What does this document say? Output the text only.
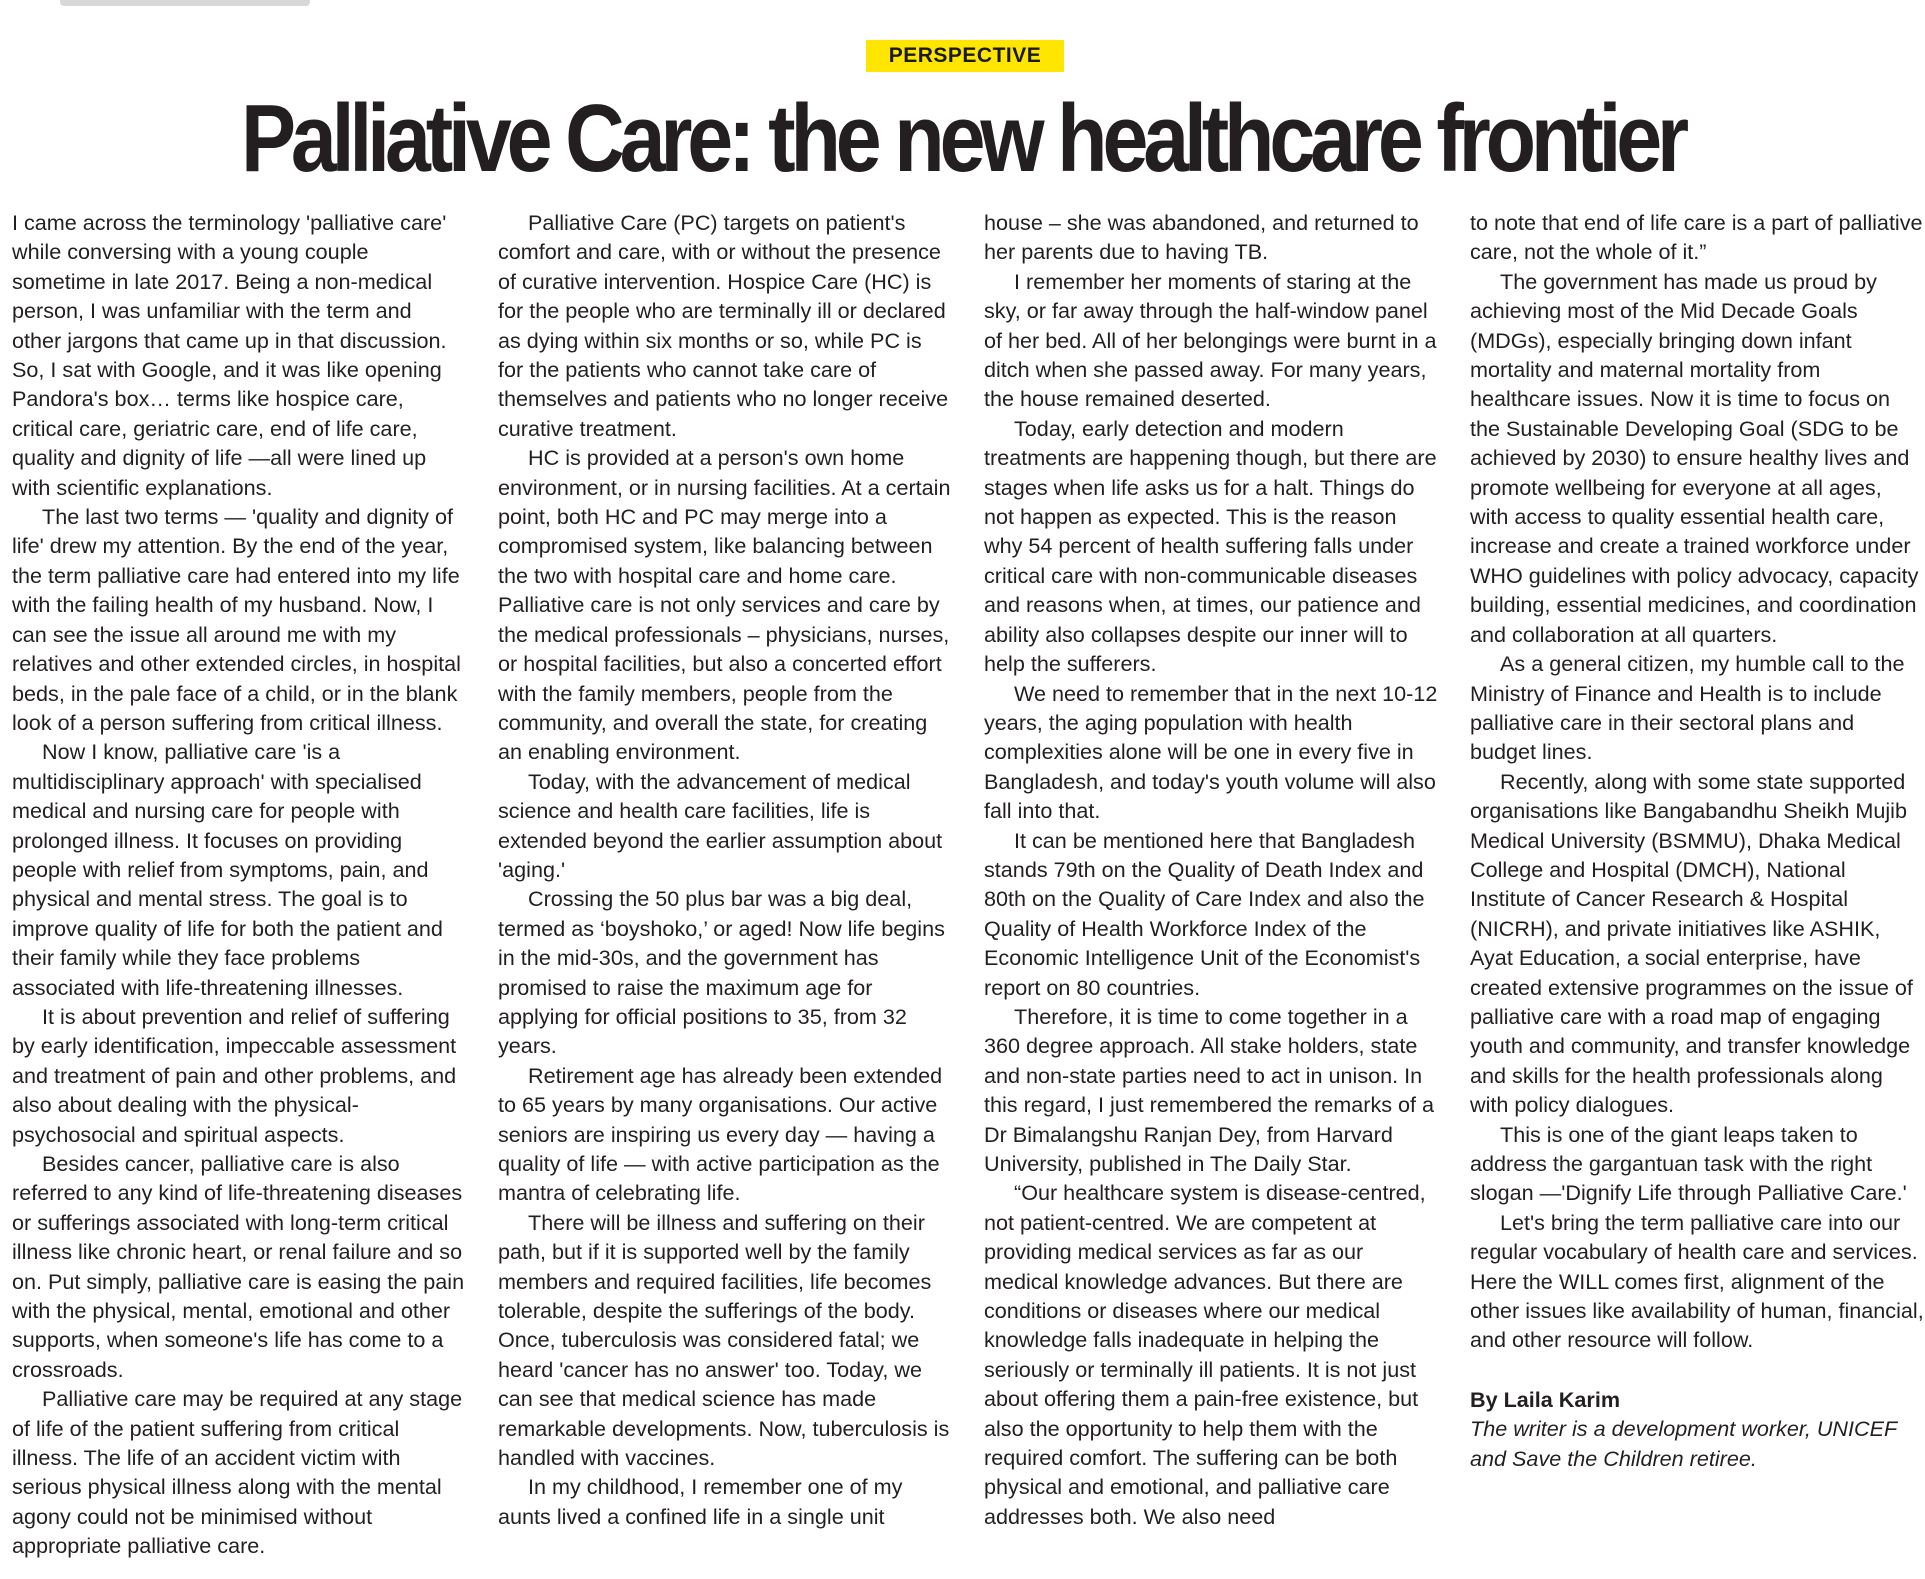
PERSPECTIVE
Palliative Care: the new healthcare frontier

I came across the terminology 'palliative care' while conversing with a young couple sometime in late 2017. Being a non-medical person, I was unfamiliar with the term and other jargons that came up in that discussion. So, I sat with Google, and it was like opening Pandora's box… terms like hospice care, critical care, geriatric care, end of life care, quality and dignity of life —all were lined up with scientific explanations.

The last two terms — 'quality and dignity of life' drew my attention. By the end of the year, the term palliative care had entered into my life with the failing health of my husband. Now, I can see the issue all around me with my relatives and other extended circles, in hospital beds, in the pale face of a child, or in the blank look of a person suffering from critical illness.

Now I know, palliative care 'is a multidisciplinary approach' with specialised medical and nursing care for people with prolonged illness. It focuses on providing people with relief from symptoms, pain, and physical and mental stress. The goal is to improve quality of life for both the patient and their family while they face problems associated with life-threatening illnesses.

It is about prevention and relief of suffering by early identification, impeccable assessment and treatment of pain and other problems, and also about dealing with the physical-psychosocial and spiritual aspects.

Besides cancer, palliative care is also referred to any kind of life-threatening diseases or sufferings associated with long-term critical illness like chronic heart, or renal failure and so on. Put simply, palliative care is easing the pain with the physical, mental, emotional and other supports, when someone's life has come to a crossroads.

Palliative care may be required at any stage of life of the patient suffering from critical illness. The life of an accident victim with serious physical illness along with the mental agony could not be minimised without appropriate palliative care.

Palliative Care (PC) targets on patient's comfort and care, with or without the presence of curative intervention. Hospice Care (HC) is for the people who are terminally ill or declared as dying within six months or so, while PC is for the patients who cannot take care of themselves and patients who no longer receive curative treatment.

HC is provided at a person's own home environment, or in nursing facilities. At a certain point, both HC and PC may merge into a compromised system, like balancing between the two with hospital care and home care. Palliative care is not only services and care by the medical professionals – physicians, nurses, or hospital facilities, but also a concerted effort with the family members, people from the community, and overall the state, for creating an enabling environment.

Today, with the advancement of medical science and health care facilities, life is extended beyond the earlier assumption about 'aging.'

Crossing the 50 plus bar was a big deal, termed as ‘boyshoko,’ or aged! Now life begins in the mid-30s, and the government has promised to raise the maximum age for applying for official positions to 35, from 32 years.

Retirement age has already been extended to 65 years by many organisations. Our active seniors are inspiring us every day — having a quality of life — with active participation as the mantra of celebrating life.

There will be illness and suffering on their path, but if it is supported well by the family members and required facilities, life becomes tolerable, despite the sufferings of the body. Once, tuberculosis was considered fatal; we heard 'cancer has no answer' too. Today, we can see that medical science has made remarkable developments. Now, tuberculosis is handled with vaccines.

In my childhood, I remember one of my aunts lived a confined life in a single unit

house – she was abandoned, and returned to her parents due to having TB.

I remember her moments of staring at the sky, or far away through the half-window panel of her bed. All of her belongings were burnt in a ditch when she passed away. For many years, the house remained deserted.

Today, early detection and modern treatments are happening though, but there are stages when life asks us for a halt. Things do not happen as expected. This is the reason why 54 percent of health suffering falls under critical care with non-communicable diseases and reasons when, at times, our patience and ability also collapses despite our inner will to help the sufferers.

We need to remember that in the next 10-12 years, the aging population with health complexities alone will be one in every five in Bangladesh, and today's youth volume will also fall into that.

It can be mentioned here that Bangladesh stands 79th on the Quality of Death Index and 80th on the Quality of Care Index and also the Quality of Health Workforce Index of the Economic Intelligence Unit of the Economist's report on 80 countries.

Therefore, it is time to come together in a 360 degree approach. All stake holders, state and non-state parties need to act in unison. In this regard, I just remembered the remarks of a Dr Bimalangshu Ranjan Dey, from Harvard University, published in The Daily Star.

“Our healthcare system is disease-centred, not patient-centred. We are competent at providing medical services as far as our medical knowledge advances. But there are conditions or diseases where our medical knowledge falls inadequate in helping the seriously or terminally ill patients. It is not just about offering them a pain-free existence, but also the opportunity to help them with the required comfort. The suffering can be both physical and emotional, and palliative care addresses both. We also need

to note that end of life care is a part of palliative care, not the whole of it.”

The government has made us proud by achieving most of the Mid Decade Goals (MDGs), especially bringing down infant mortality and maternal mortality from healthcare issues. Now it is time to focus on the Sustainable Developing Goal (SDG to be achieved by 2030) to ensure healthy lives and promote wellbeing for everyone at all ages, with access to quality essential health care, increase and create a trained workforce under WHO guidelines with policy advocacy, capacity building, essential medicines, and coordination and collaboration at all quarters.

As a general citizen, my humble call to the Ministry of Finance and Health is to include palliative care in their sectoral plans and budget lines.

Recently, along with some state supported organisations like Bangabandhu Sheikh Mujib Medical University (BSMMU), Dhaka Medical College and Hospital (DMCH), National Institute of Cancer Research & Hospital (NICRH), and private initiatives like ASHIK, Ayat Education, a social enterprise, have created extensive programmes on the issue of palliative care with a road map of engaging youth and community, and transfer knowledge and skills for the health professionals along with policy dialogues.

This is one of the giant leaps taken to address the gargantuan task with the right slogan —'Dignify Life through Palliative Care.'

Let's bring the term palliative care into our regular vocabulary of health care and services. Here the WILL comes first, alignment of the other issues like availability of human, financial, and other resource will follow.

By Laila Karim
The writer is a development worker, UNICEF and Save the Children retiree.
